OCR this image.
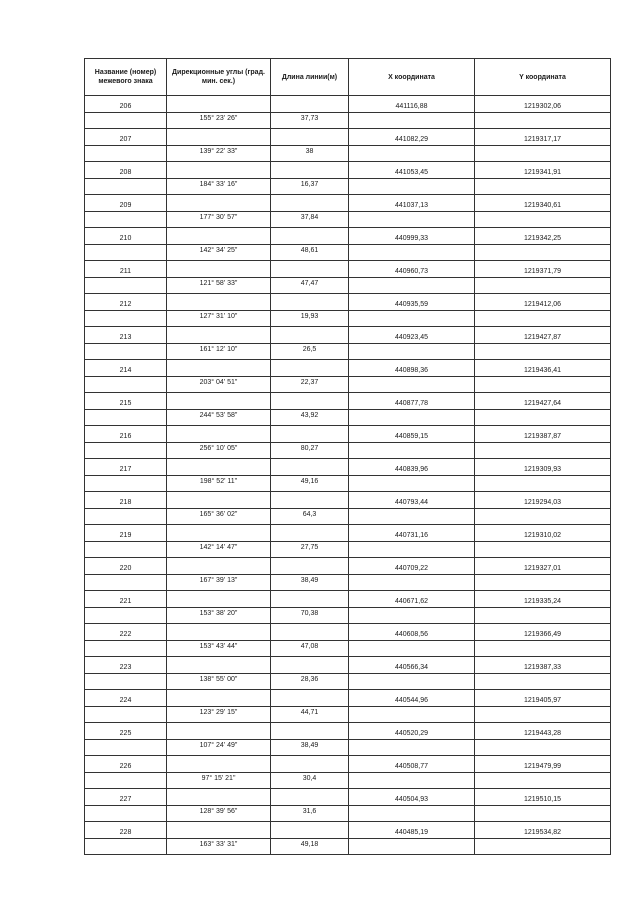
Название (номер) межевого знака	Дирекционные углы (град. мин. сек.)	Длина линии(м)	X координата	Y координата
206			441116,88	1219302,06
	155° 23' 26"	37,73		
207			441082,29	1219317,17
	139° 22' 33"	38		
208			441053,45	1219341,91
	184° 33' 16"	16,37		
209			441037,13	1219340,61
	177° 30' 57"	37,84		
210			440999,33	1219342,25
	142° 34' 25"	48,61		
211			440960,73	1219371,79
	121° 58' 33"	47,47		
212			440935,59	1219412,06
	127° 31' 10"	19,93		
213			440923,45	1219427,87
	161° 12' 10"	26,5		
214			440898,36	1219436,41
	203° 04' 51"	22,37		
215			440877,78	1219427,64
	244° 53' 58"	43,92		
216			440859,15	1219387,87
	256° 10' 05"	80,27		
217			440839,96	1219309,93
	198° 52' 11"	49,16		
218			440793,44	1219294,03
	165° 36' 02"	64,3		
219			440731,16	1219310,02
	142° 14' 47"	27,75		
220			440709,22	1219327,01
	167° 39' 13"	38,49		
221			440671,62	1219335,24
	153° 38' 20"	70,38		
222			440608,56	1219366,49
	153° 43' 44"	47,08		
223			440566,34	1219387,33
	138° 55' 00"	28,36		
224			440544,96	1219405,97
	123° 29' 15"	44,71		
225			440520,29	1219443,28
	107° 24' 49"	38,49		
226			440508,77	1219479,99
	97° 15' 21"	30,4		
227			440504,93	1219510,15
	128° 39' 56"	31,6		
228			440485,19	1219534,82
	163° 33' 31"	49,18		
